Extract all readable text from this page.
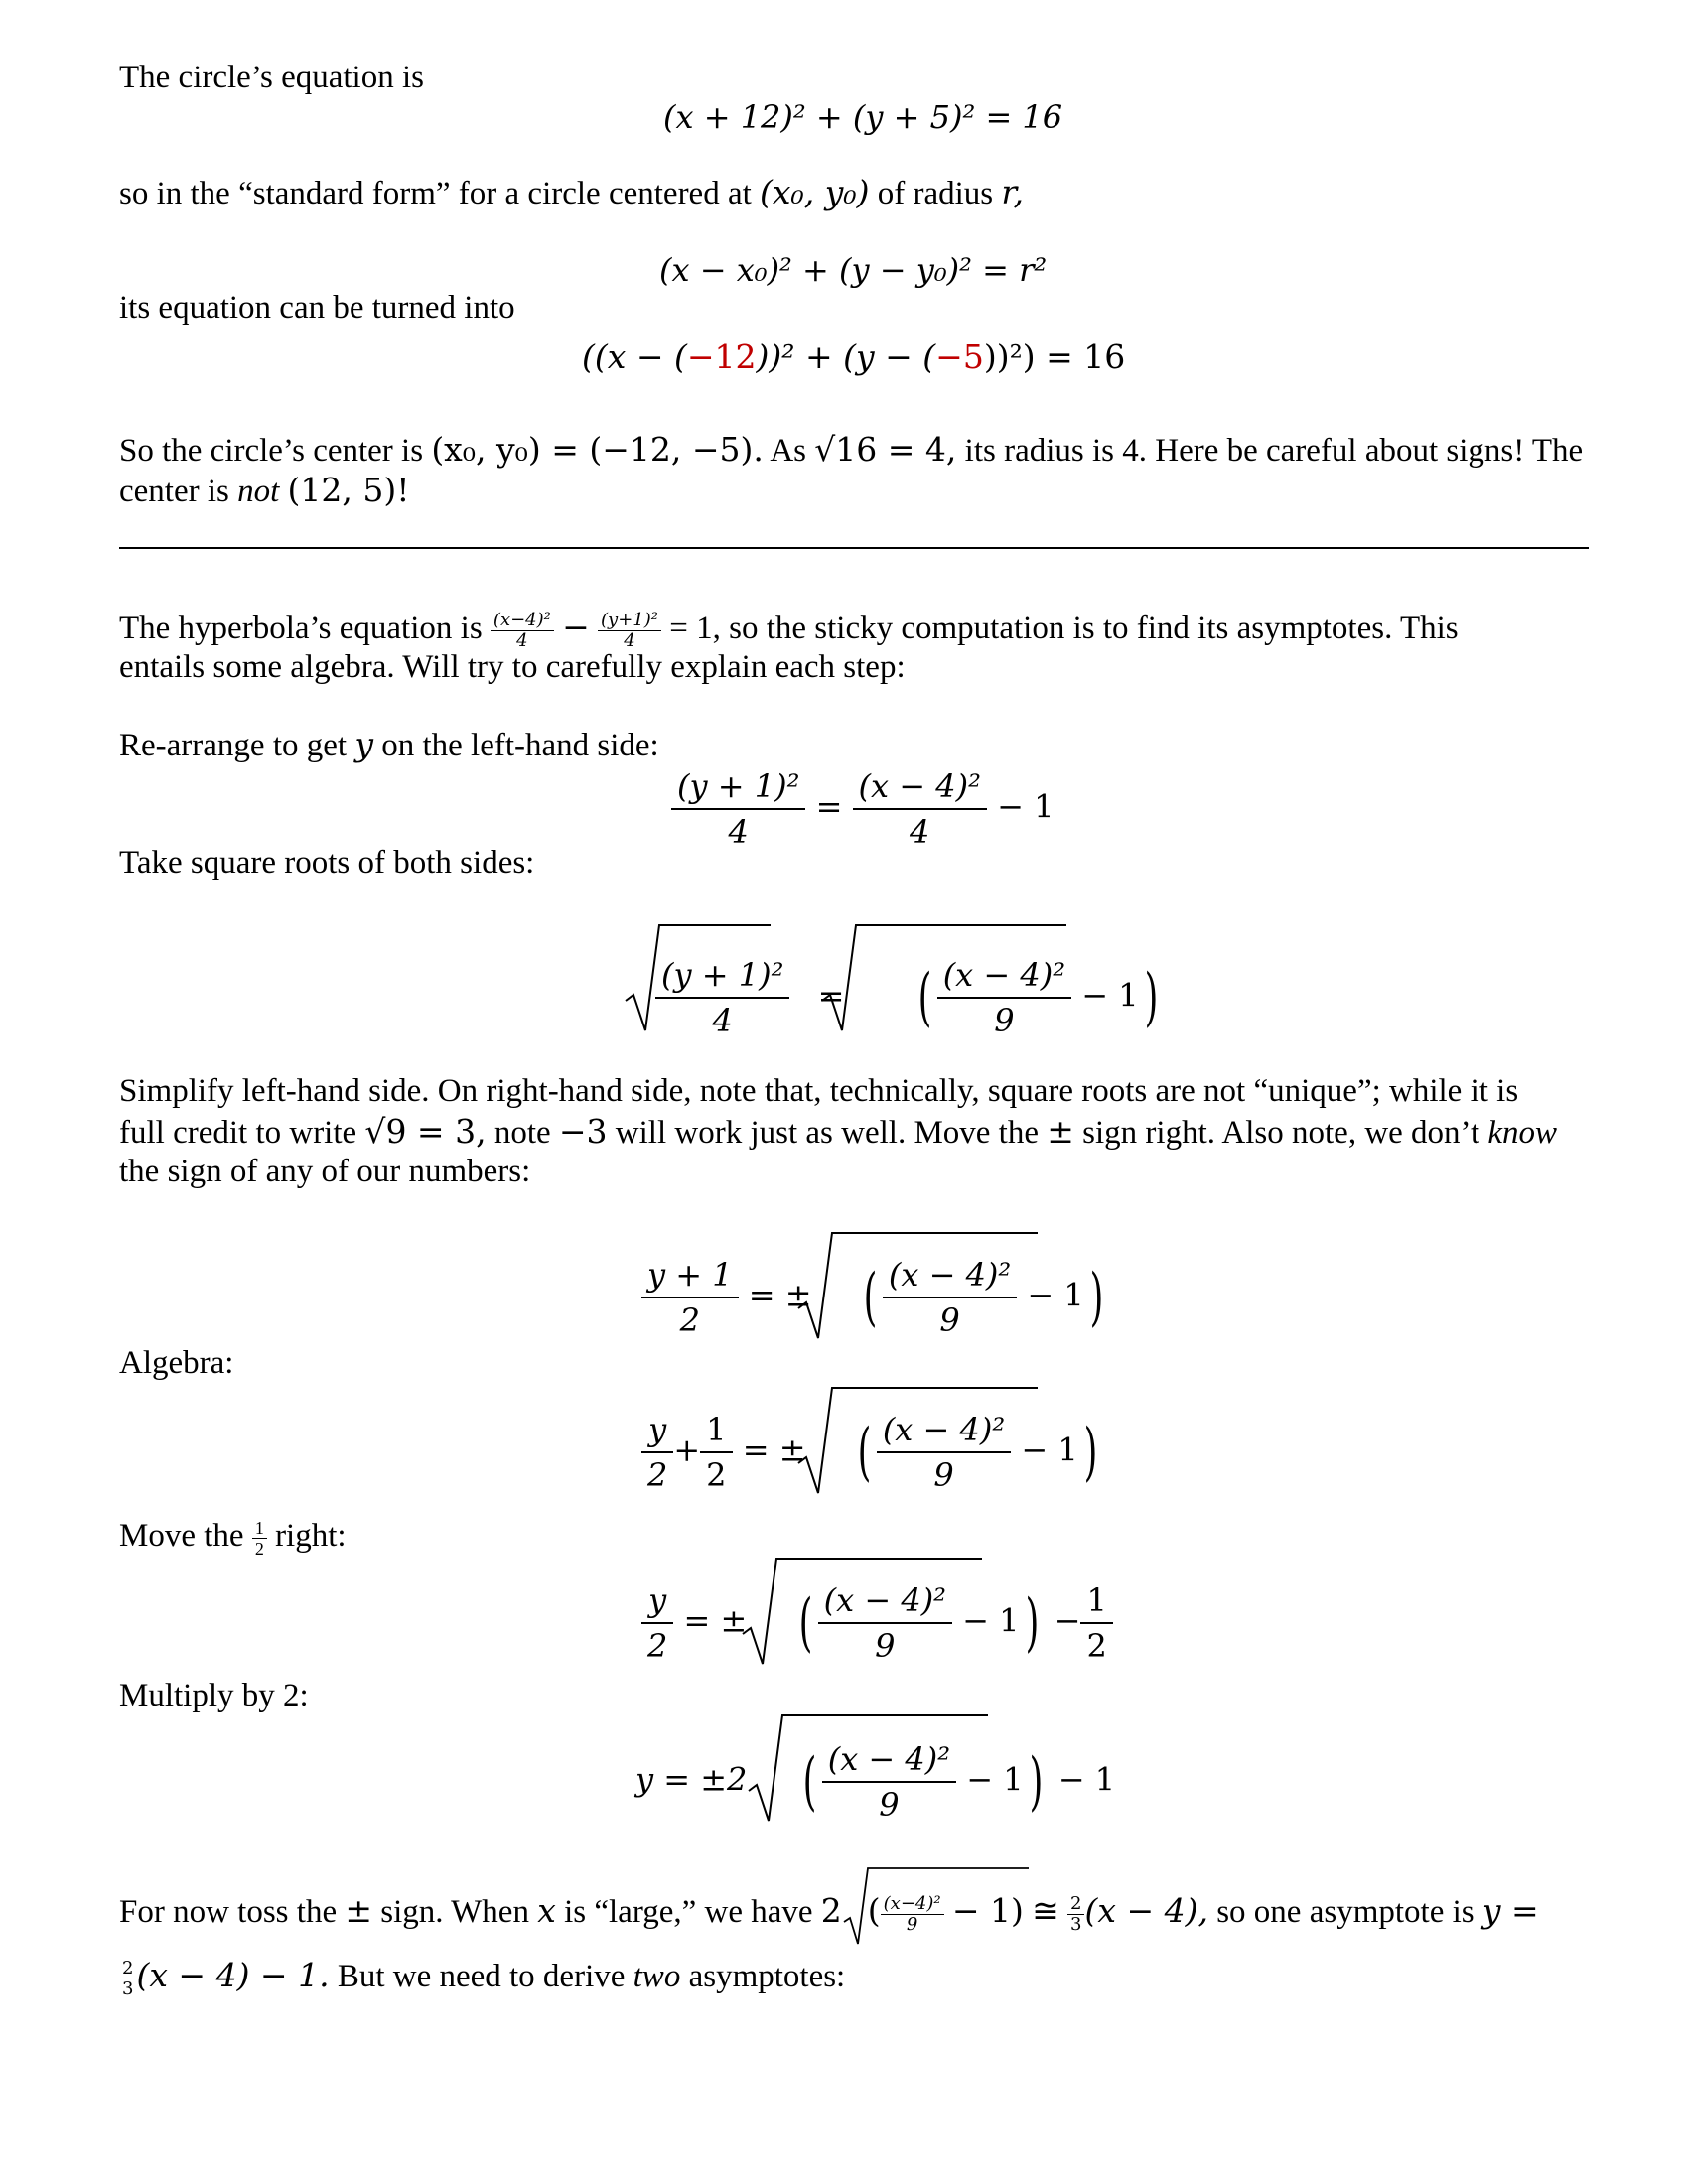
The circle’s equation is
(x + 12)² + (y + 5)² = 16
so in the “standard form” for a circle centered at (x₀, y₀) of radius r,
(x − x₀)² + (y − y₀)² = r²
its equation can be turned into
((x − (−12))² + (y − (−5))²) = 16
So the circle’s center is (x₀, y₀) = (−12, −5). As √16 = 4, its radius is 4. Here be careful about signs! The
center is not (12, 5)!
The hyperbola’s equation is $\frac{\text{(x−4)²}}{4} - \frac{\text{(y+1)²}}{4} = 1$, so the sticky computation is to find its asymptotes. This
entails some algebra. Will try to carefully explain each step:
Re-arrange to get y on the left-hand side:
$\frac{\text{(y + 1)²}}{4} = \frac{\text{(x − 4)²}}{4} - 1$
Take square roots of both sides:
$\frac{\text{(y + 1)²}}{4}$ = ( $\frac{\text{(x − 4)²}}{9} - 1$)
Simplify left-hand side. On right-hand side, note that, technically, square roots are not “unique”; while it is
full credit to write √9 = 3, note −3 will work just as well. Move the ± sign right. Also note, we don’t know
the sign of any of our numbers:
$\frac{y + 1}{2}$ = ± ( $\frac{\text{(x − 4)²}}{9} - 1$)
Algebra:
$\frac{y}{2} + \frac{1}{2}$ = ± ( $\frac{\text{(x − 4)²}}{9} - 1$)
Move the $\frac{1}{2}$ right:
$\frac{y}{2}$ = ± ( $\frac{\text{(x − 4)²}}{9} - 1) - \frac{1}{2}$
Multiply by 2:
y = ±2 ( $\frac{\text{(x − 4)²}}{9} - 1) - 1$
For now toss the ± sign. When x is “large,” we have 2 ( $\frac{\text{(x−4)²}}{9} - 1$) ≅ $\frac{2}{3} (x - 4)$, so one asymptote is y =
$\frac{2}{3} (x - 4) - 1$. But we need to derive two asymptotes:
